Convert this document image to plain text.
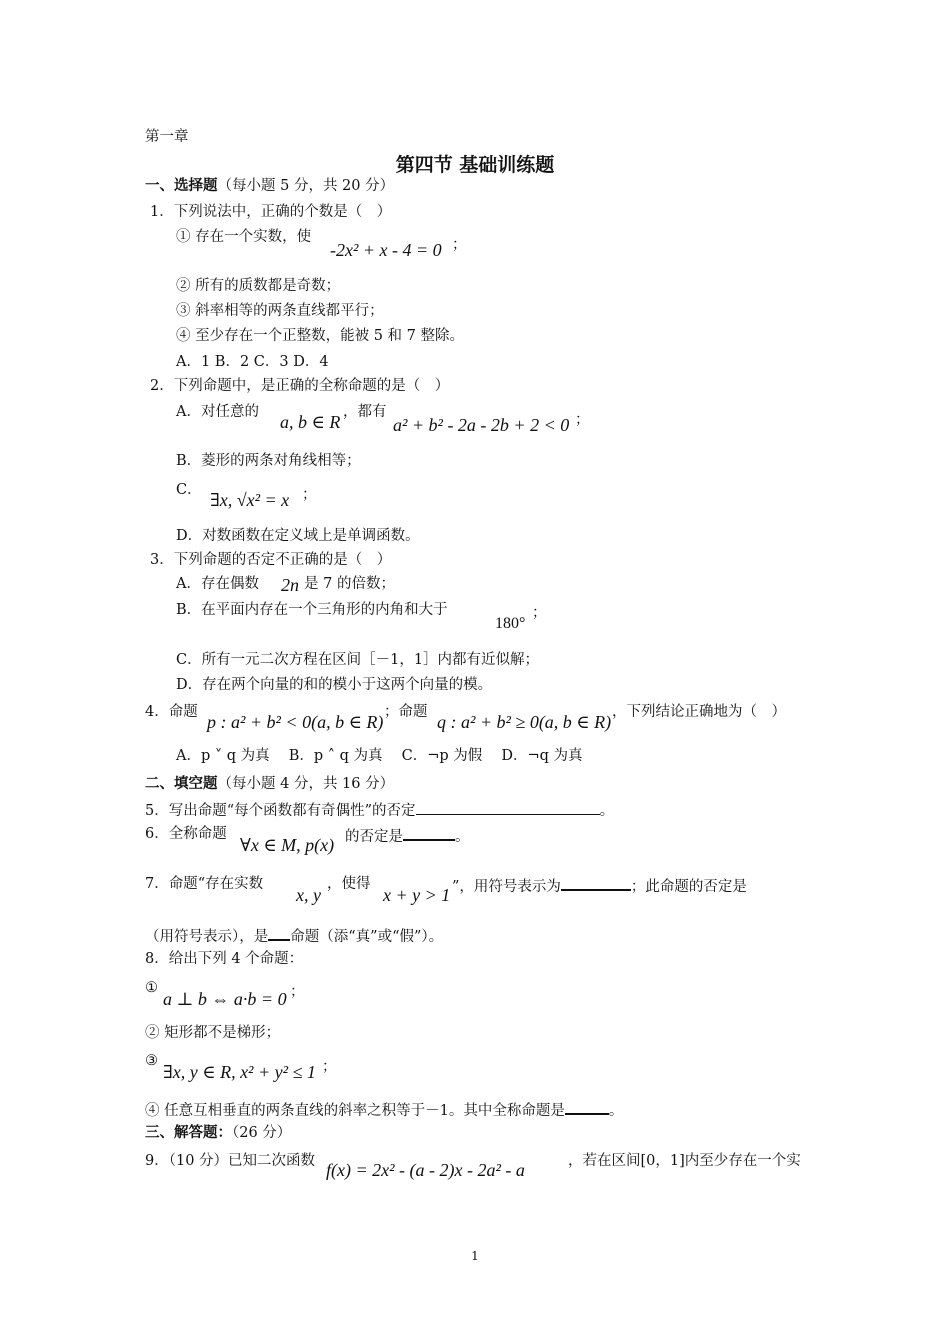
第一章
第四节 基础训练题
一、选择题（每小题 5 分，共 20 分）
1．下列说法中，正确的个数是（　）
① 存在一个实数，使
-2x² + x - 4 = 0 ；
② 所有的质数都是奇数；
③ 斜率相等的两条直线都平行；
④ 至少存在一个正整数，能被 5 和 7 整除。
A．1 B．2 C．3 D．4
2．下列命题中，是正确的全称命题的是（　）
A．对任意的 a, b ∈ R ，都有
a² + b² - 2a - 2b + 2 < 0 ；
B．菱形的两条对角线相等；
C． ∃x, √x² = x ；
D．对数函数在定义域上是单调函数。
3．下列命题的否定不正确的是（　）
A．存在偶数 2n 是 7 的倍数；
B．在平面内存在一个三角形的内角和大于
180°
；
C．所有一元二次方程在区间［－1，1］内都有近似解；
D．存在两个向量的和的模小于这两个向量的模。
4．命题 p : a² + b² < 0(a, b ∈ R) ；命题 q : a² + b² ≥ 0(a, b ∈ R) ，下列结论正确地为（　）
A．p ˅ q 为真　 B．p ˄ q 为真　 C．¬p 为假　 D．¬q 为真
二、填空题（每小题 4 分，共 16 分）
5．写出命题“每个函数都有奇偶性”的否定	。
6．全称命题
∀x ∈ M, p(x) 的否定是	。
7．命题“存在实数
x, y
，使得
x + y > 1 ”，用符号表示为	；此命题的否定是
（用符号表示），是 命题（添“真”或“假”）。
8．给出下列 4 个命题：
①
a ⊥ b ⇔ a·b = 0 ；
② 矩形都不是梯形；
③
∃x, y ∈ R, x² + y² ≤ 1 ；
④ 任意互相垂直的两条直线的斜率之积等于－1。其中全称命题是	。
三、解答题：（26 分）
9．（10 分）已知二次函数 f(x) = 2x² - (a - 2)x - 2a² - a	，若在区间[0，1]内至少存在一个实
1
